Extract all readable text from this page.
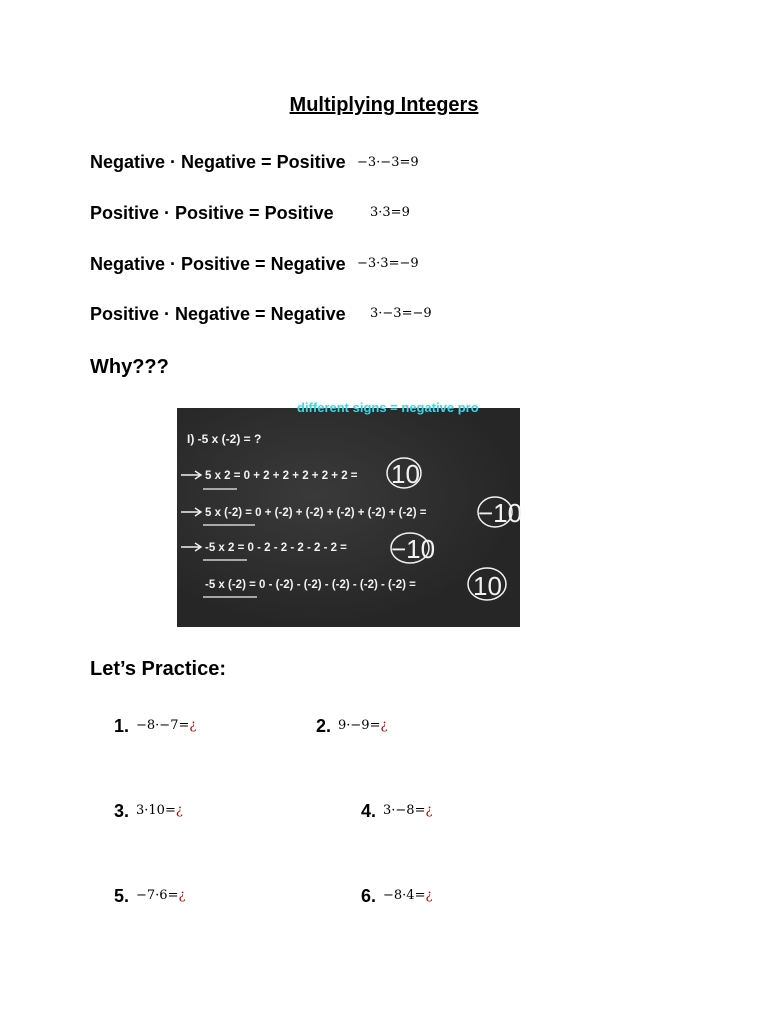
Multiplying Integers
Negative · Negative = Positive −3·−3=9
Positive · Positive = Positive	3·3=9
Negative · Positive = Negative −3·3=−9
Positive · Negative = Negative 3·−3=−9
Why???
different signs = negative pro
I) -5 x (-2) = ?
5 x 2 = 0 + 2 + 2 + 2 + 2 + 2 = 10
5 x (-2) = 0 + (-2) + (-2) + (-2) + (-2) + (-2) = −10
-5 x 2 = 0 - 2 - 2 - 2 - 2 - 2 = −10
-5 x (-2) = 0 - (-2) - (-2) - (-2) - (-2) - (-2) = 10
Let’s Practice:
1. −8·−7=¿	2. 9·−9=¿
3. 3·10=¿	4. 3·−8=¿
5. −7·6=¿	6. −8·4=¿
